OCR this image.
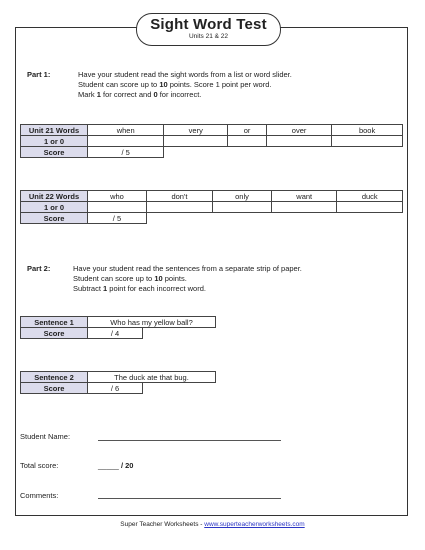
Sight Word Test
Units 21 & 22
Part 1:	Have your student read the sight words from a list or word slider.
Student can score up to 10 points. Score 1 point per word.
Mark 1 for correct and 0 for incorrect.
Unit 21 Words	when	very	or	over	book
1 or 0					
Score	/ 5				
Unit 22 Words	who	don't	only	want	duck
1 or 0					
Score	/ 5				
Part 2:	Have your student read the sentences from a separate strip of paper.
Student can score up to 10 points.
Subtract 1 point for each incorrect word.
Sentence 1	Who has my yellow ball?	
Score	/ 4	
Sentence 2	The duck ate that bug.	
Score	/ 6	
Student Name:
Total score:	_____ / 20
Comments:
Super Teacher Worksheets - www.superteacherworksheets.com
